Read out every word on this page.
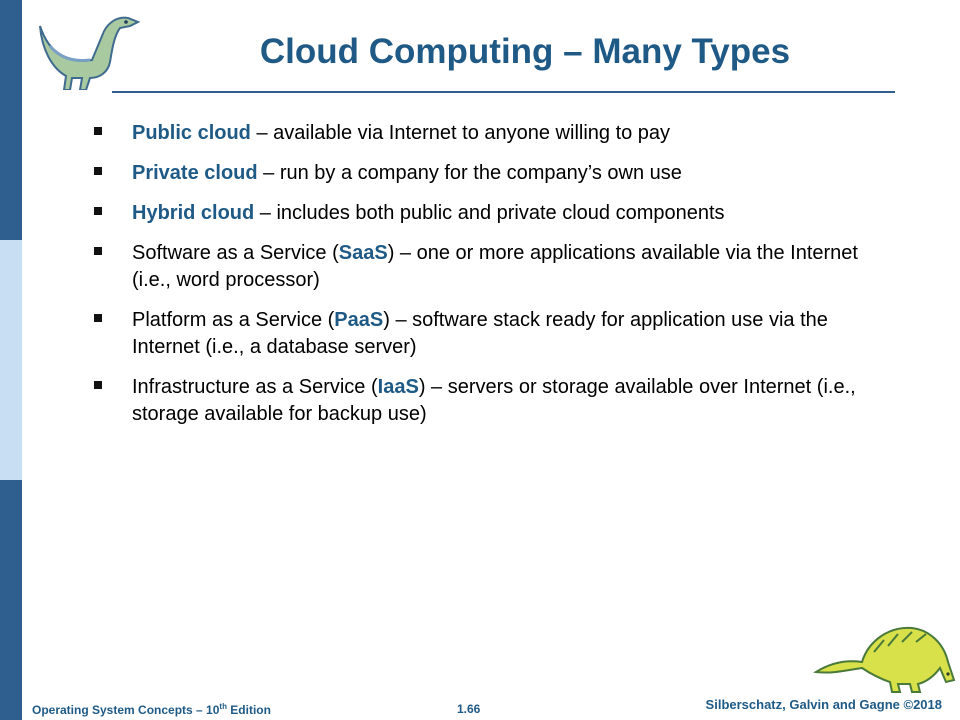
Cloud Computing – Many Types
Public cloud – available via Internet to anyone willing to pay
Private cloud – run by a company for the company’s own use
Hybrid cloud – includes both public and private cloud components
Software as a Service (SaaS) – one or more applications available via the Internet (i.e., word processor)
Platform as a Service (PaaS) – software stack ready for application use via the Internet (i.e., a database server)
Infrastructure as a Service (IaaS) – servers or storage available over Internet (i.e., storage available for backup use)
Operating System Concepts – 10th Edition	1.66	Silberschatz, Galvin and Gagne ©2018
